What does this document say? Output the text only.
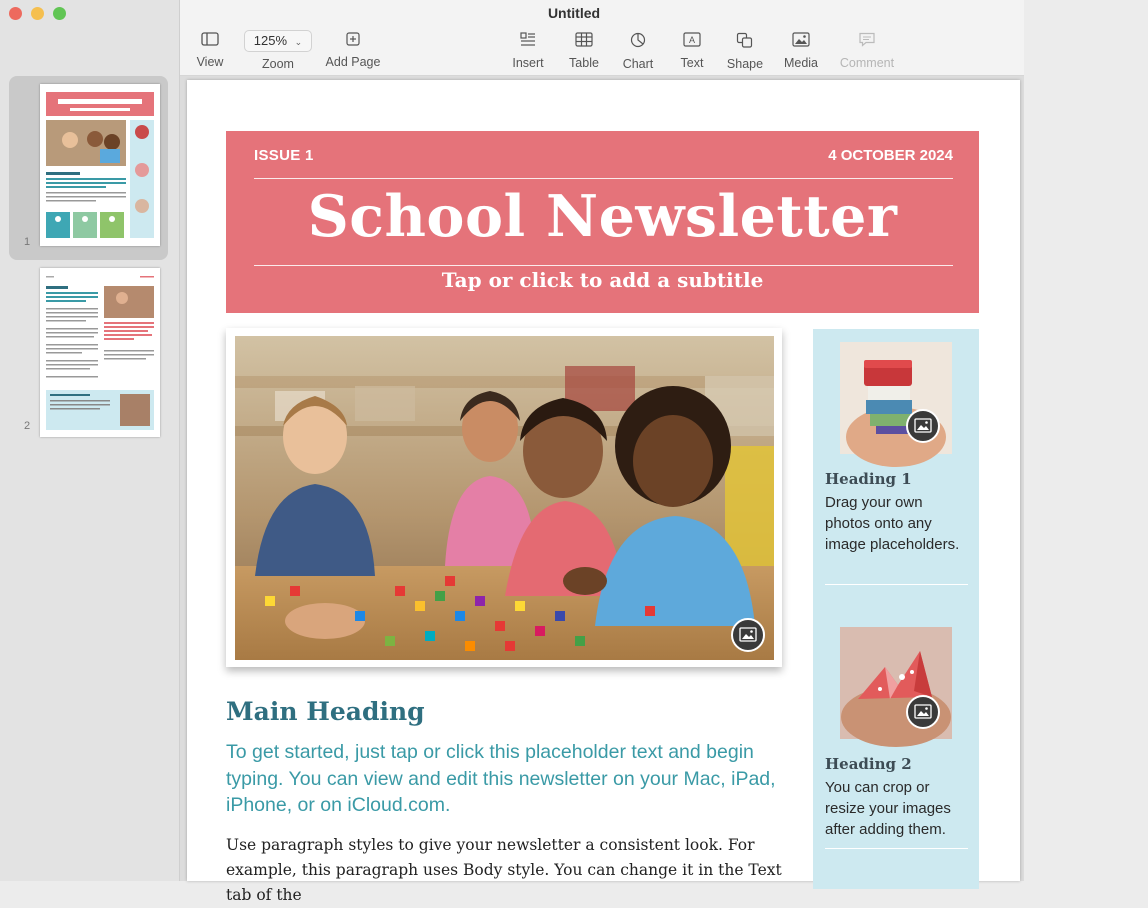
1
2
View
125% ⌄
Zoom	Add Page	Insert	Table	Chart
A
Text	Shape	Media	Comment
Untitled
ISSUE 1	4 OCTOBER 2024
School Newsletter
Tap or click to add a subtitle
Main Heading
To get started, just tap or click this placeholder text and begin typing. You can view and edit this newsletter on your Mac, iPad, iPhone, or on iCloud.com.
Use paragraph styles to give your newsletter a consistent look. For example, this paragraph uses Body style. You can change it in the Text tab of the
Heading 1
Drag your own photos onto any image placeholders.
Heading 2
You can crop or resize your images after adding them.
